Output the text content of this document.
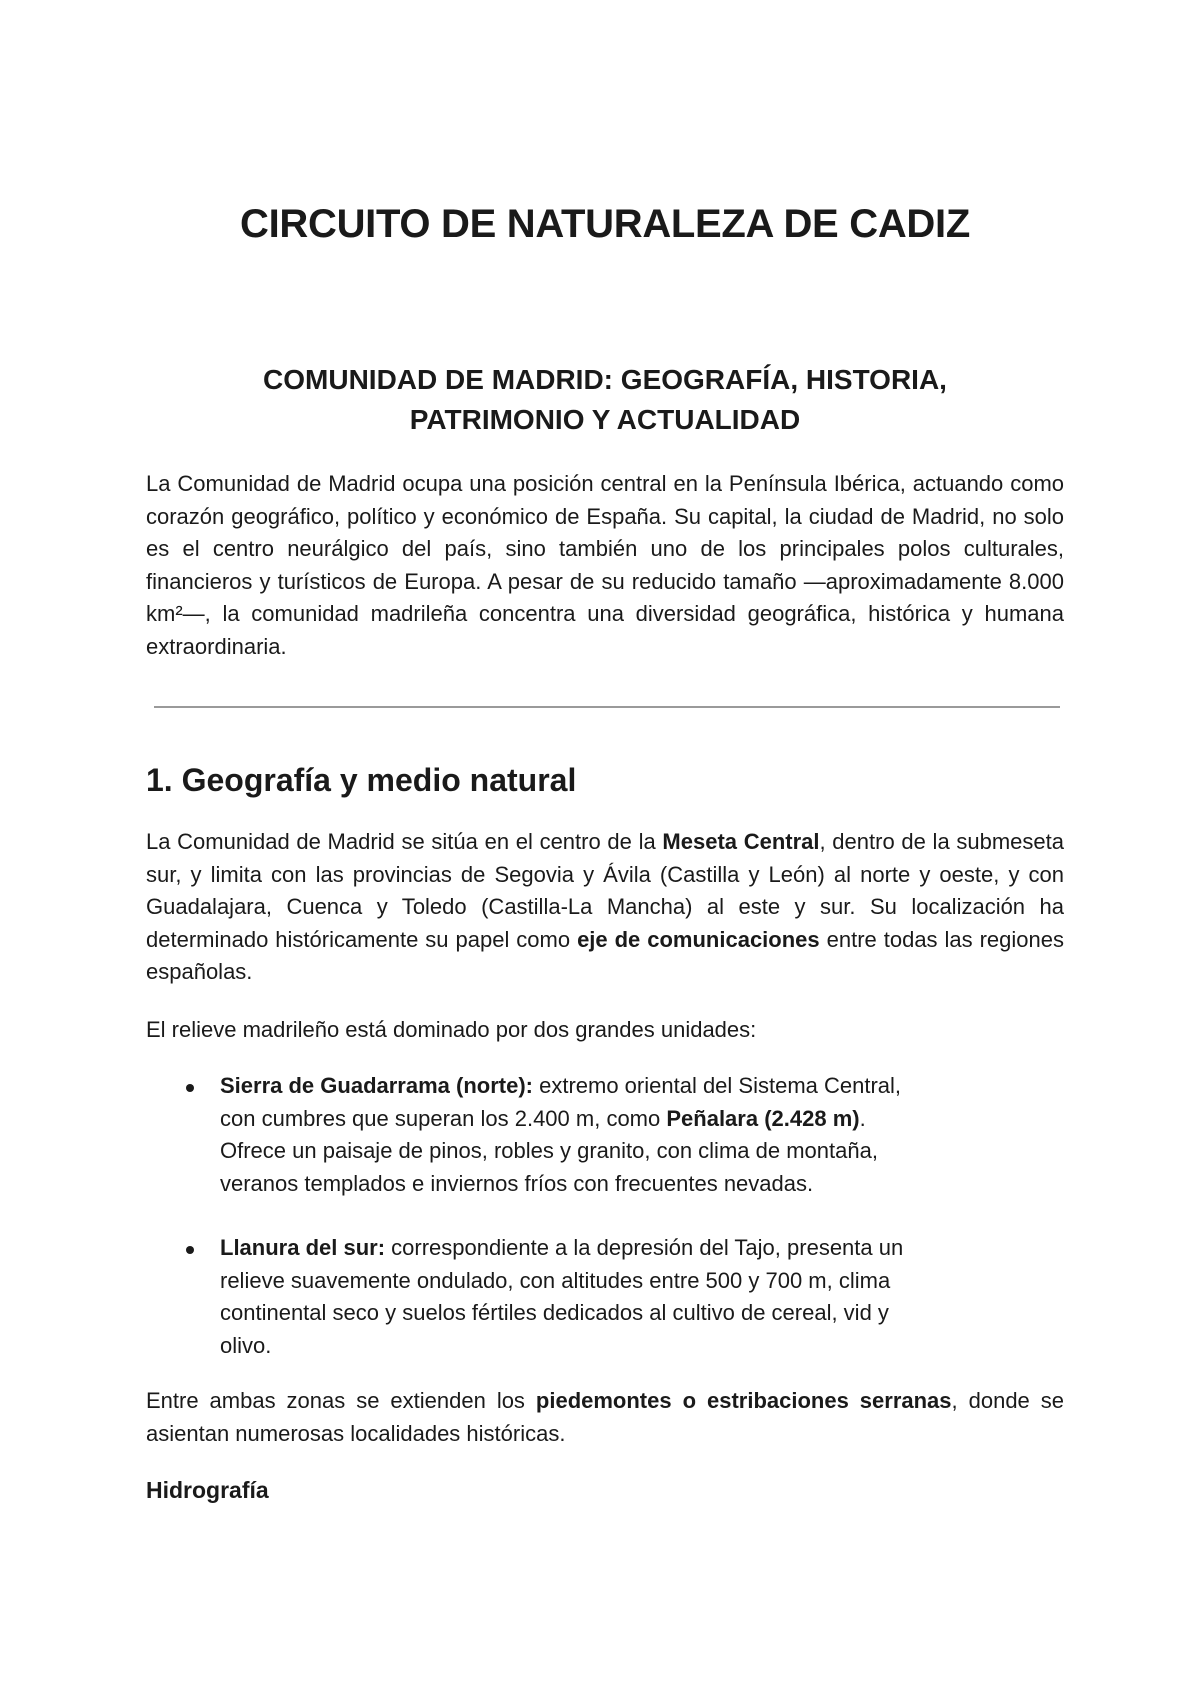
CIRCUITO DE NATURALEZA DE CADIZ
COMUNIDAD DE MADRID: GEOGRAFÍA, HISTORIA,
PATRIMONIO Y ACTUALIDAD

La Comunidad de Madrid ocupa una posición central en la Península Ibérica, actuando como corazón geográfico, político y económico de España. Su capital, la ciudad de Madrid, no solo es el centro neurálgico del país, sino también uno de los principales polos culturales, financieros y turísticos de Europa. A pesar de su reducido tamaño —aproximadamente 8.000 km²—, la comunidad madrileña concentra una diversidad geográfica, histórica y humana extraordinaria.

1. Geografía y medio natural

La Comunidad de Madrid se sitúa en el centro de la Meseta Central, dentro de la submeseta sur, y limita con las provincias de Segovia y Ávila (Castilla y León) al norte y oeste, y con Guadalajara, Cuenca y Toledo (Castilla-La Mancha) al este y sur. Su localización ha determinado históricamente su papel como eje de comunicaciones entre todas las regiones españolas.

El relieve madrileño está dominado por dos grandes unidades:

Sierra de Guadarrama (norte): extremo oriental del Sistema Central, con cumbres que superan los 2.400 m, como Peñalara (2.428 m). Ofrece un paisaje de pinos, robles y granito, con clima de montaña, veranos templados e inviernos fríos con frecuentes nevadas.
Llanura del sur: correspondiente a la depresión del Tajo, presenta un relieve suavemente ondulado, con altitudes entre 500 y 700 m, clima continental seco y suelos fértiles dedicados al cultivo de cereal, vid y olivo.

Entre ambas zonas se extienden los piedemontes o estribaciones serranas, donde se asientan numerosas localidades históricas.

Hidrografía
